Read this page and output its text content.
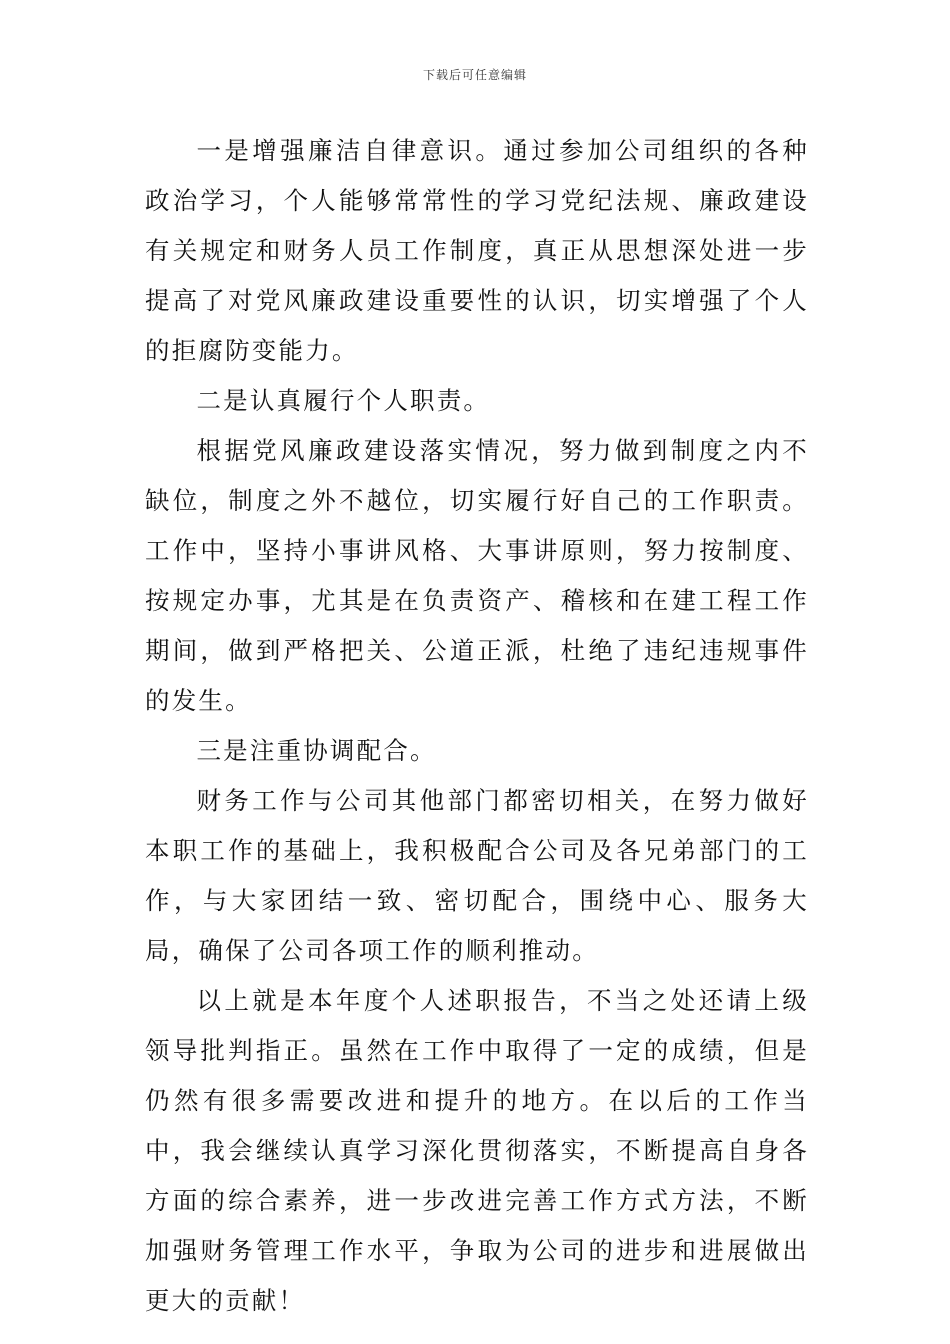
下载后可任意编辑

一是增强廉洁自律意识。通过参加公司组织的各种政治学习，个人能够常常性的学习党纪法规、廉政建设有关规定和财务人员工作制度，真正从思想深处进一步提高了对党风廉政建设重要性的认识，切实增强了个人的拒腐防变能力。

二是认真履行个人职责。

根据党风廉政建设落实情况，努力做到制度之内不缺位，制度之外不越位，切实履行好自己的工作职责。工作中，坚持小事讲风格、大事讲原则，努力按制度、按规定办事，尤其是在负责资产、稽核和在建工程工作期间，做到严格把关、公道正派，杜绝了违纪违规事件的发生。

三是注重协调配合。

财务工作与公司其他部门都密切相关，在努力做好本职工作的基础上，我积极配合公司及各兄弟部门的工作，与大家团结一致、密切配合，围绕中心、服务大局，确保了公司各项工作的顺利推动。

以上就是本年度个人述职报告，不当之处还请上级领导批判指正。虽然在工作中取得了一定的成绩，但是仍然有很多需要改进和提升的地方。在以后的工作当中，我会继续认真学习深化贯彻落实，不断提高自身各方面的综合素养，进一步改进完善工作方式方法，不断加强财务管理工作水平，争取为公司的进步和进展做出更大的贡献！
